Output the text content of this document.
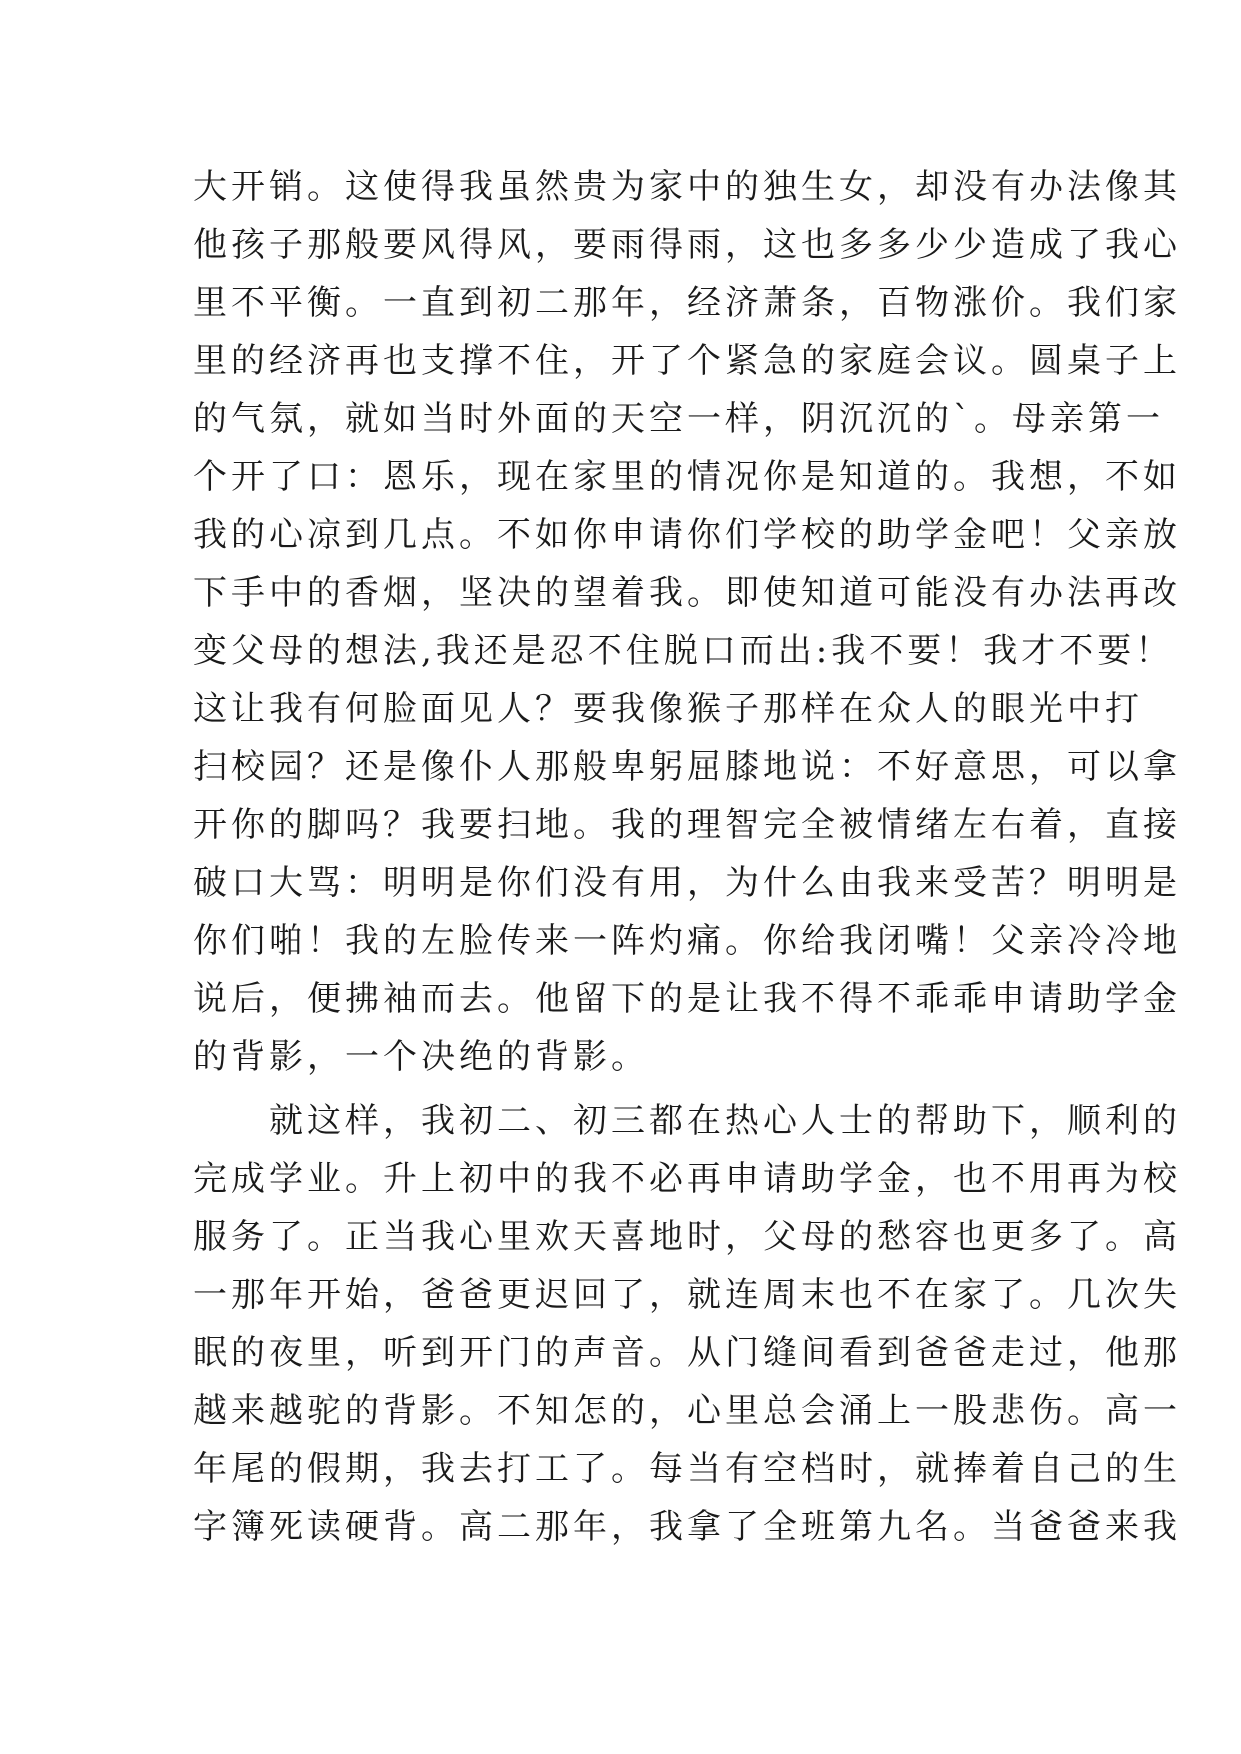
大开销。这使得我虽然贵为家中的独生女，却没有办法像其
他孩子那般要风得风，要雨得雨，这也多多少少造成了我心
里不平衡。一直到初二那年，经济萧条，百物涨价。我们家
里的经济再也支撑不住，开了个紧急的家庭会议。圆桌子上
的气氛，就如当时外面的天空一样，阴沉沉的`。母亲第一
个开了口：恩乐，现在家里的情况你是知道的。我想，不如
我的心凉到几点。不如你申请你们学校的助学金吧！父亲放
下手中的香烟，坚决的望着我。即使知道可能没有办法再改
变父母的想法,我还是忍不住脱口而出:我不要！我才不要！
这让我有何脸面见人？要我像猴子那样在众人的眼光中打
扫校园？还是像仆人那般卑躬屈膝地说：不好意思，可以拿
开你的脚吗？我要扫地。我的理智完全被情绪左右着，直接
破口大骂：明明是你们没有用，为什么由我来受苦？明明是
你们啪！我的左脸传来一阵灼痛。你给我闭嘴！父亲冷冷地
说后，便拂袖而去。他留下的是让我不得不乖乖申请助学金
的背影，一个决绝的背影。
　　就这样，我初二、初三都在热心人士的帮助下，顺利的
完成学业。升上初中的我不必再申请助学金，也不用再为校
服务了。正当我心里欢天喜地时，父母的愁容也更多了。高
一那年开始，爸爸更迟回了，就连周末也不在家了。几次失
眠的夜里，听到开门的声音。从门缝间看到爸爸走过，他那
越来越驼的背影。不知怎的，心里总会涌上一股悲伤。高一
年尾的假期，我去打工了。每当有空档时，就捧着自己的生
字簿死读硬背。高二那年，我拿了全班第九名。当爸爸来我
